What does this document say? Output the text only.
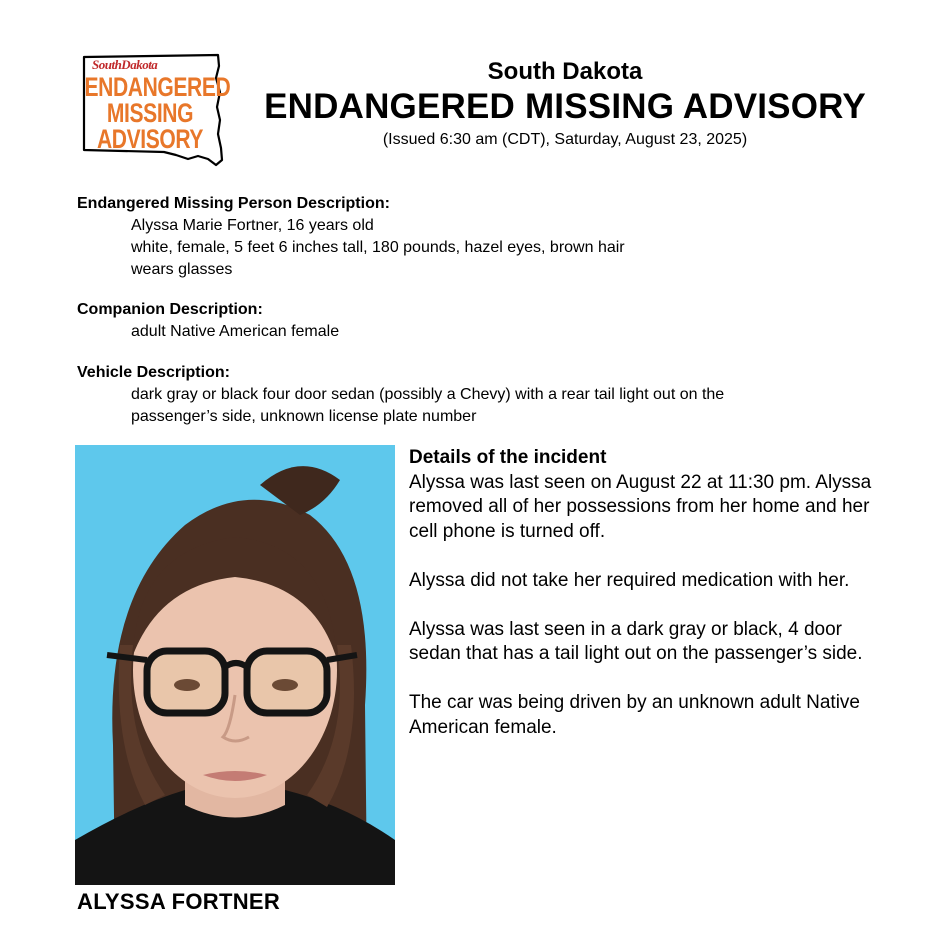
SouthDakota
ENDANGERED
MISSING
ADVISORY
South Dakota
ENDANGERED MISSING ADVISORY
(Issued 6:30 am (CDT), Saturday, August 23, 2025)
Endangered Missing Person Description:
Alyssa Marie Fortner, 16 years old
white, female, 5 feet 6 inches tall, 180 pounds, hazel eyes, brown hair
wears glasses
Companion Description:
adult Native American female
Vehicle Description:
dark gray or black four door sedan (possibly a Chevy) with a rear tail light out on the
passenger’s side, unknown license plate number
ALYSSA FORTNER
Details of the incident

Alyssa was last seen on August 22 at 11:30 pm. Alyssa removed all of her possessions from her home and her cell phone is turned off.

Alyssa did not take her required medication with her.

Alyssa was last seen in a dark gray or black, 4 door sedan that has a tail light out on the passenger’s side.

The car was being driven by an unknown adult Native American female.
